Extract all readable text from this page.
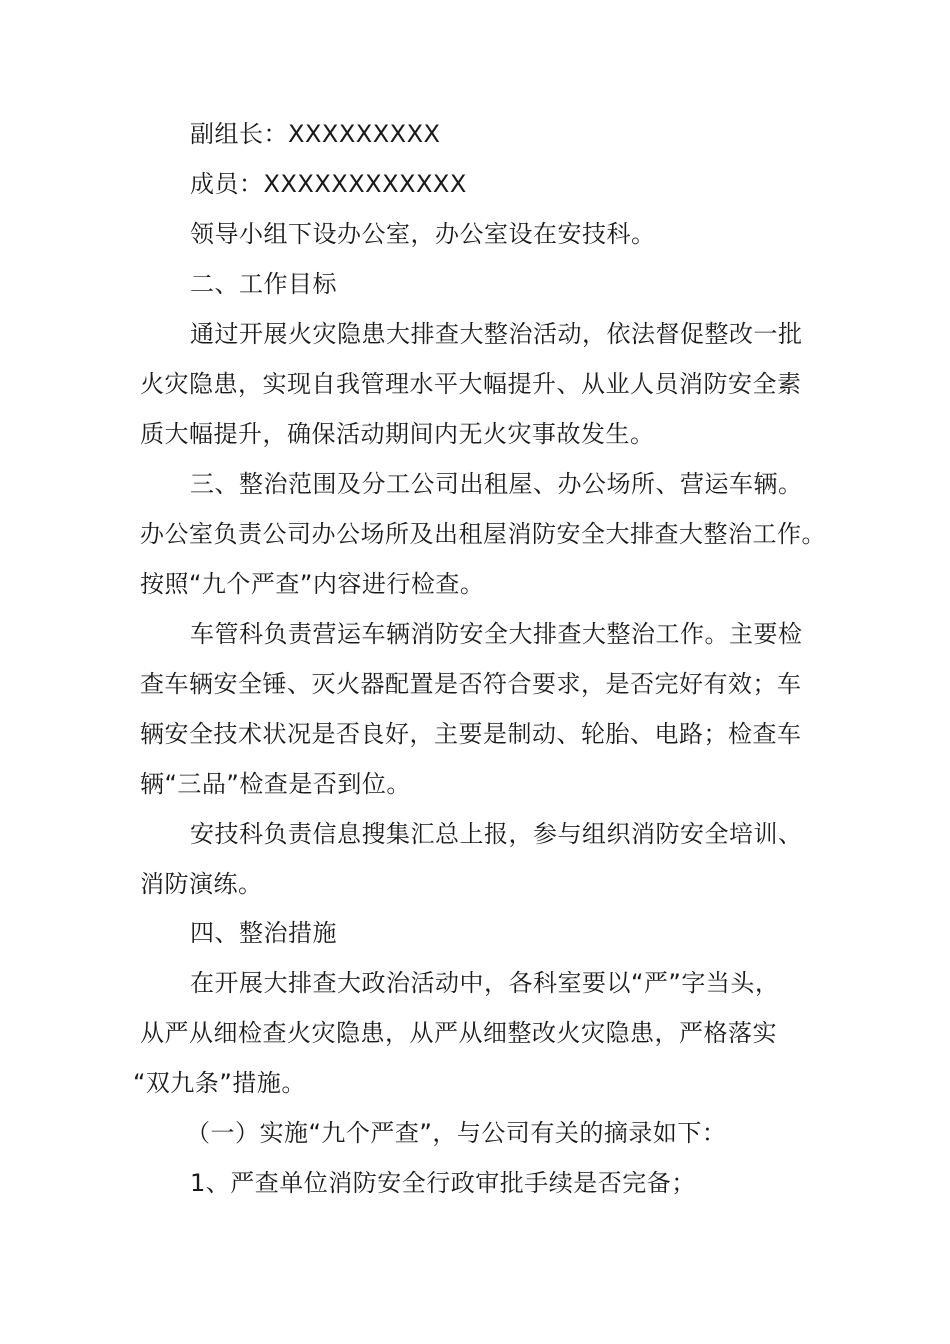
副组长：XXXXXXXXX
成员：XXXXXXXXXXXX
领导小组下设办公室，办公室设在安技科。
二、工作目标
通过开展火灾隐患大排查大整治活动，依法督促整改一批
火灾隐患，实现自我管理水平大幅提升、从业人员消防安全素
质大幅提升，确保活动期间内无火灾事故发生。
三、整治范围及分工公司出租屋、办公场所、营运车辆。
办公室负责公司办公场所及出租屋消防安全大排查大整治工作。
按照“九个严查”内容进行检查。
车管科负责营运车辆消防安全大排查大整治工作。主要检
查车辆安全锤、灭火器配置是否符合要求，是否完好有效；车
辆安全技术状况是否良好，主要是制动、轮胎、电路；检查车
辆“三品”检查是否到位。
安技科负责信息搜集汇总上报，参与组织消防安全培训、
消防演练。
四、整治措施
在开展大排查大政治活动中，各科室要以“严”字当头，
从严从细检查火灾隐患，从严从细整改火灾隐患，严格落实
“双九条”措施。
（一）实施“九个严查”，与公司有关的摘录如下：
1、严查单位消防安全行政审批手续是否完备；
